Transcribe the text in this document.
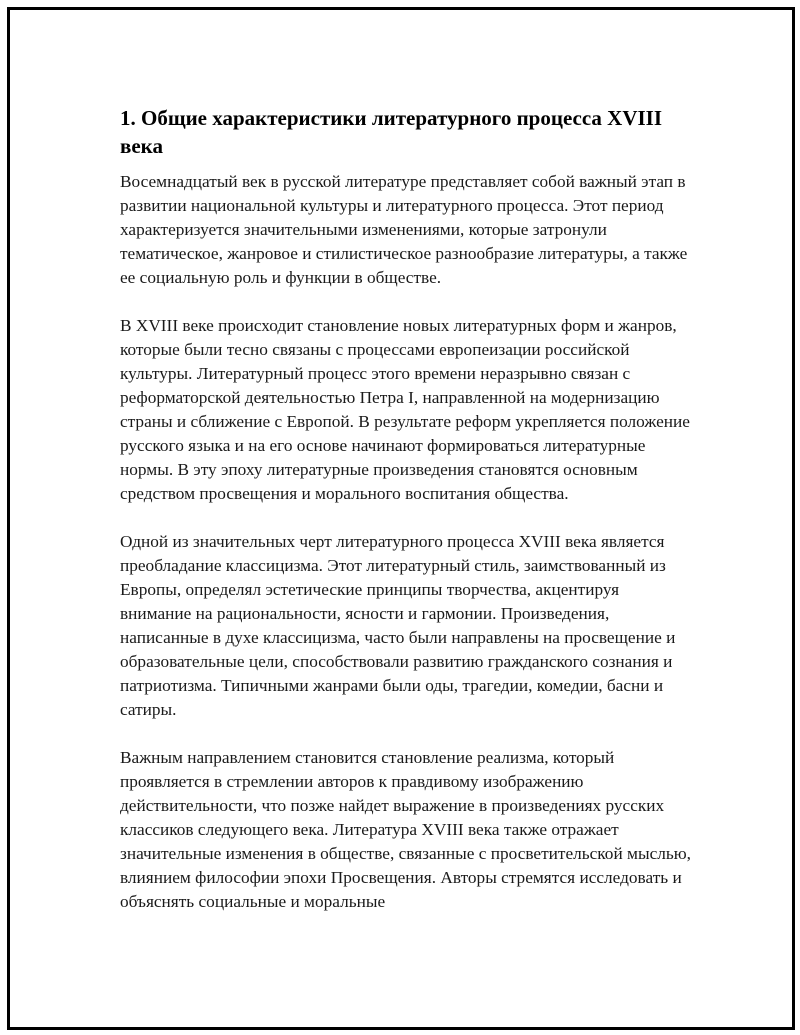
1. Общие характеристики литературного процесса XVIII века

Восемнадцатый век в русской литературе представляет собой важный этап в развитии национальной культуры и литературного процесса. Этот период характеризуется значительными изменениями, которые затронули тематическое, жанровое и стилистическое разнообразие литературы, а также ее социальную роль и функции в обществе.

В XVIII веке происходит становление новых литературных форм и жанров, которые были тесно связаны с процессами европеизации российской культуры. Литературный процесс этого времени неразрывно связан с реформаторской деятельностью Петра I, направленной на модернизацию страны и сближение с Европой. В результате реформ укрепляется положение русского языка и на его основе начинают формироваться литературные нормы. В эту эпоху литературные произведения становятся основным средством просвещения и морального воспитания общества.

Одной из значительных черт литературного процесса XVIII века является преобладание классицизма. Этот литературный стиль, заимствованный из Европы, определял эстетические принципы творчества, акцентируя внимание на рациональности, ясности и гармонии. Произведения, написанные в духе классицизма, часто были направлены на просвещение и образовательные цели, способствовали развитию гражданского сознания и патриотизма. Типичными жанрами были оды, трагедии, комедии, басни и сатиры.

Важным направлением становится становление реализма, который проявляется в стремлении авторов к правдивому изображению действительности, что позже найдет выражение в произведениях русских классиков следующего века. Литература XVIII века также отражает значительные изменения в обществе, связанные с просветительской мыслью, влиянием философии эпохи Просвещения. Авторы стремятся исследовать и объяснять социальные и моральные
